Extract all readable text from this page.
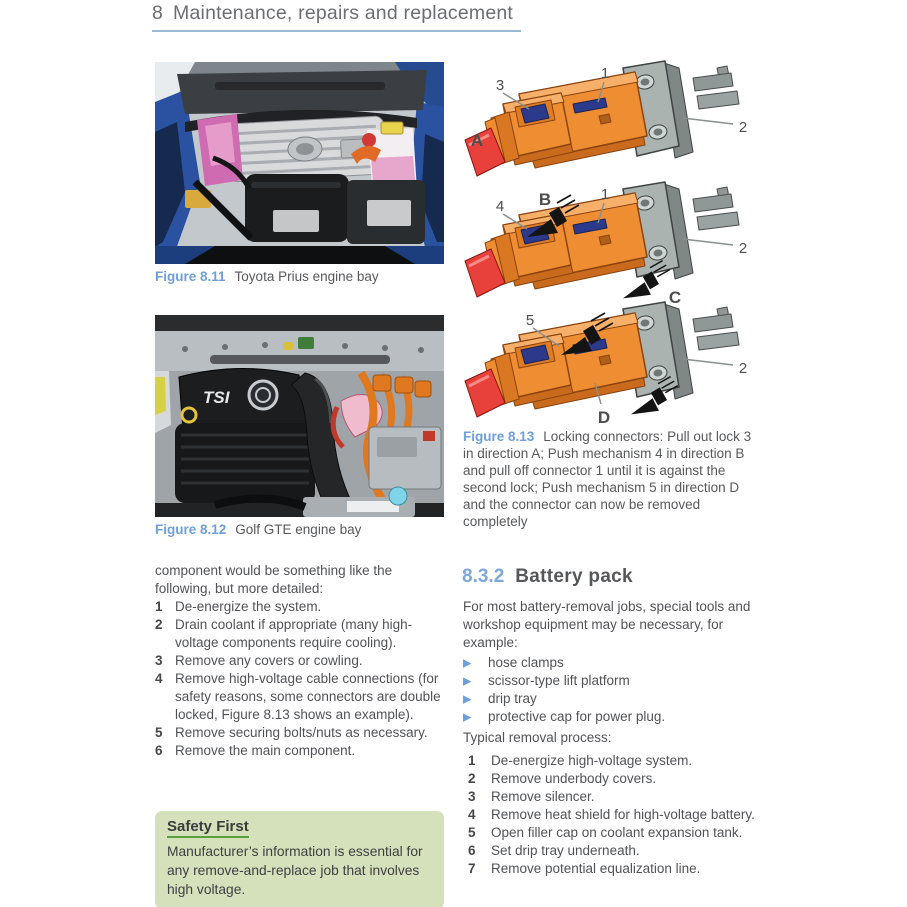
8 Maintenance, repairs and replacement
Figure 8.11 Toyota Prius engine bay
TSI
Figure 8.12 Golf GTE engine bay
3
1
2
A
4 B	1
2
C
5
2
D
Figure 8.13 Locking connectors: Pull out lock 3 in direction A; Push mechanism 4 in direction B and pull off connector 1 until it is against the second lock; Push mechanism 5 in direction D and the connector can now be removed completely
component would be something like the following, but more detailed:
1 De-energize the system.
2 Drain coolant if appropriate (many high-voltage components require cooling).
3 Remove any covers or cowling.
4 Remove high-voltage cable connections (for safety reasons, some connectors are double locked, Figure 8.13 shows an example).
5 Remove securing bolts/nuts as necessary.
6 Remove the main component.
Safety First
Manufacturer’s information is essential for any remove-and-replace job that involves high voltage.
8.3.2 Battery pack
For most battery-removal jobs, special tools and workshop equipment may be necessary, for example:
▶	hose clamps
▶	scissor-type lift platform
▶	drip tray
▶	protective cap for power plug.
Typical removal process:
1	De-energize high-voltage system.
2	Remove underbody covers.
3	Remove silencer.
4	Remove heat shield for high-voltage battery.
5	Open filler cap on coolant expansion tank.
6	Set drip tray underneath.
7	Remove potential equalization line.
